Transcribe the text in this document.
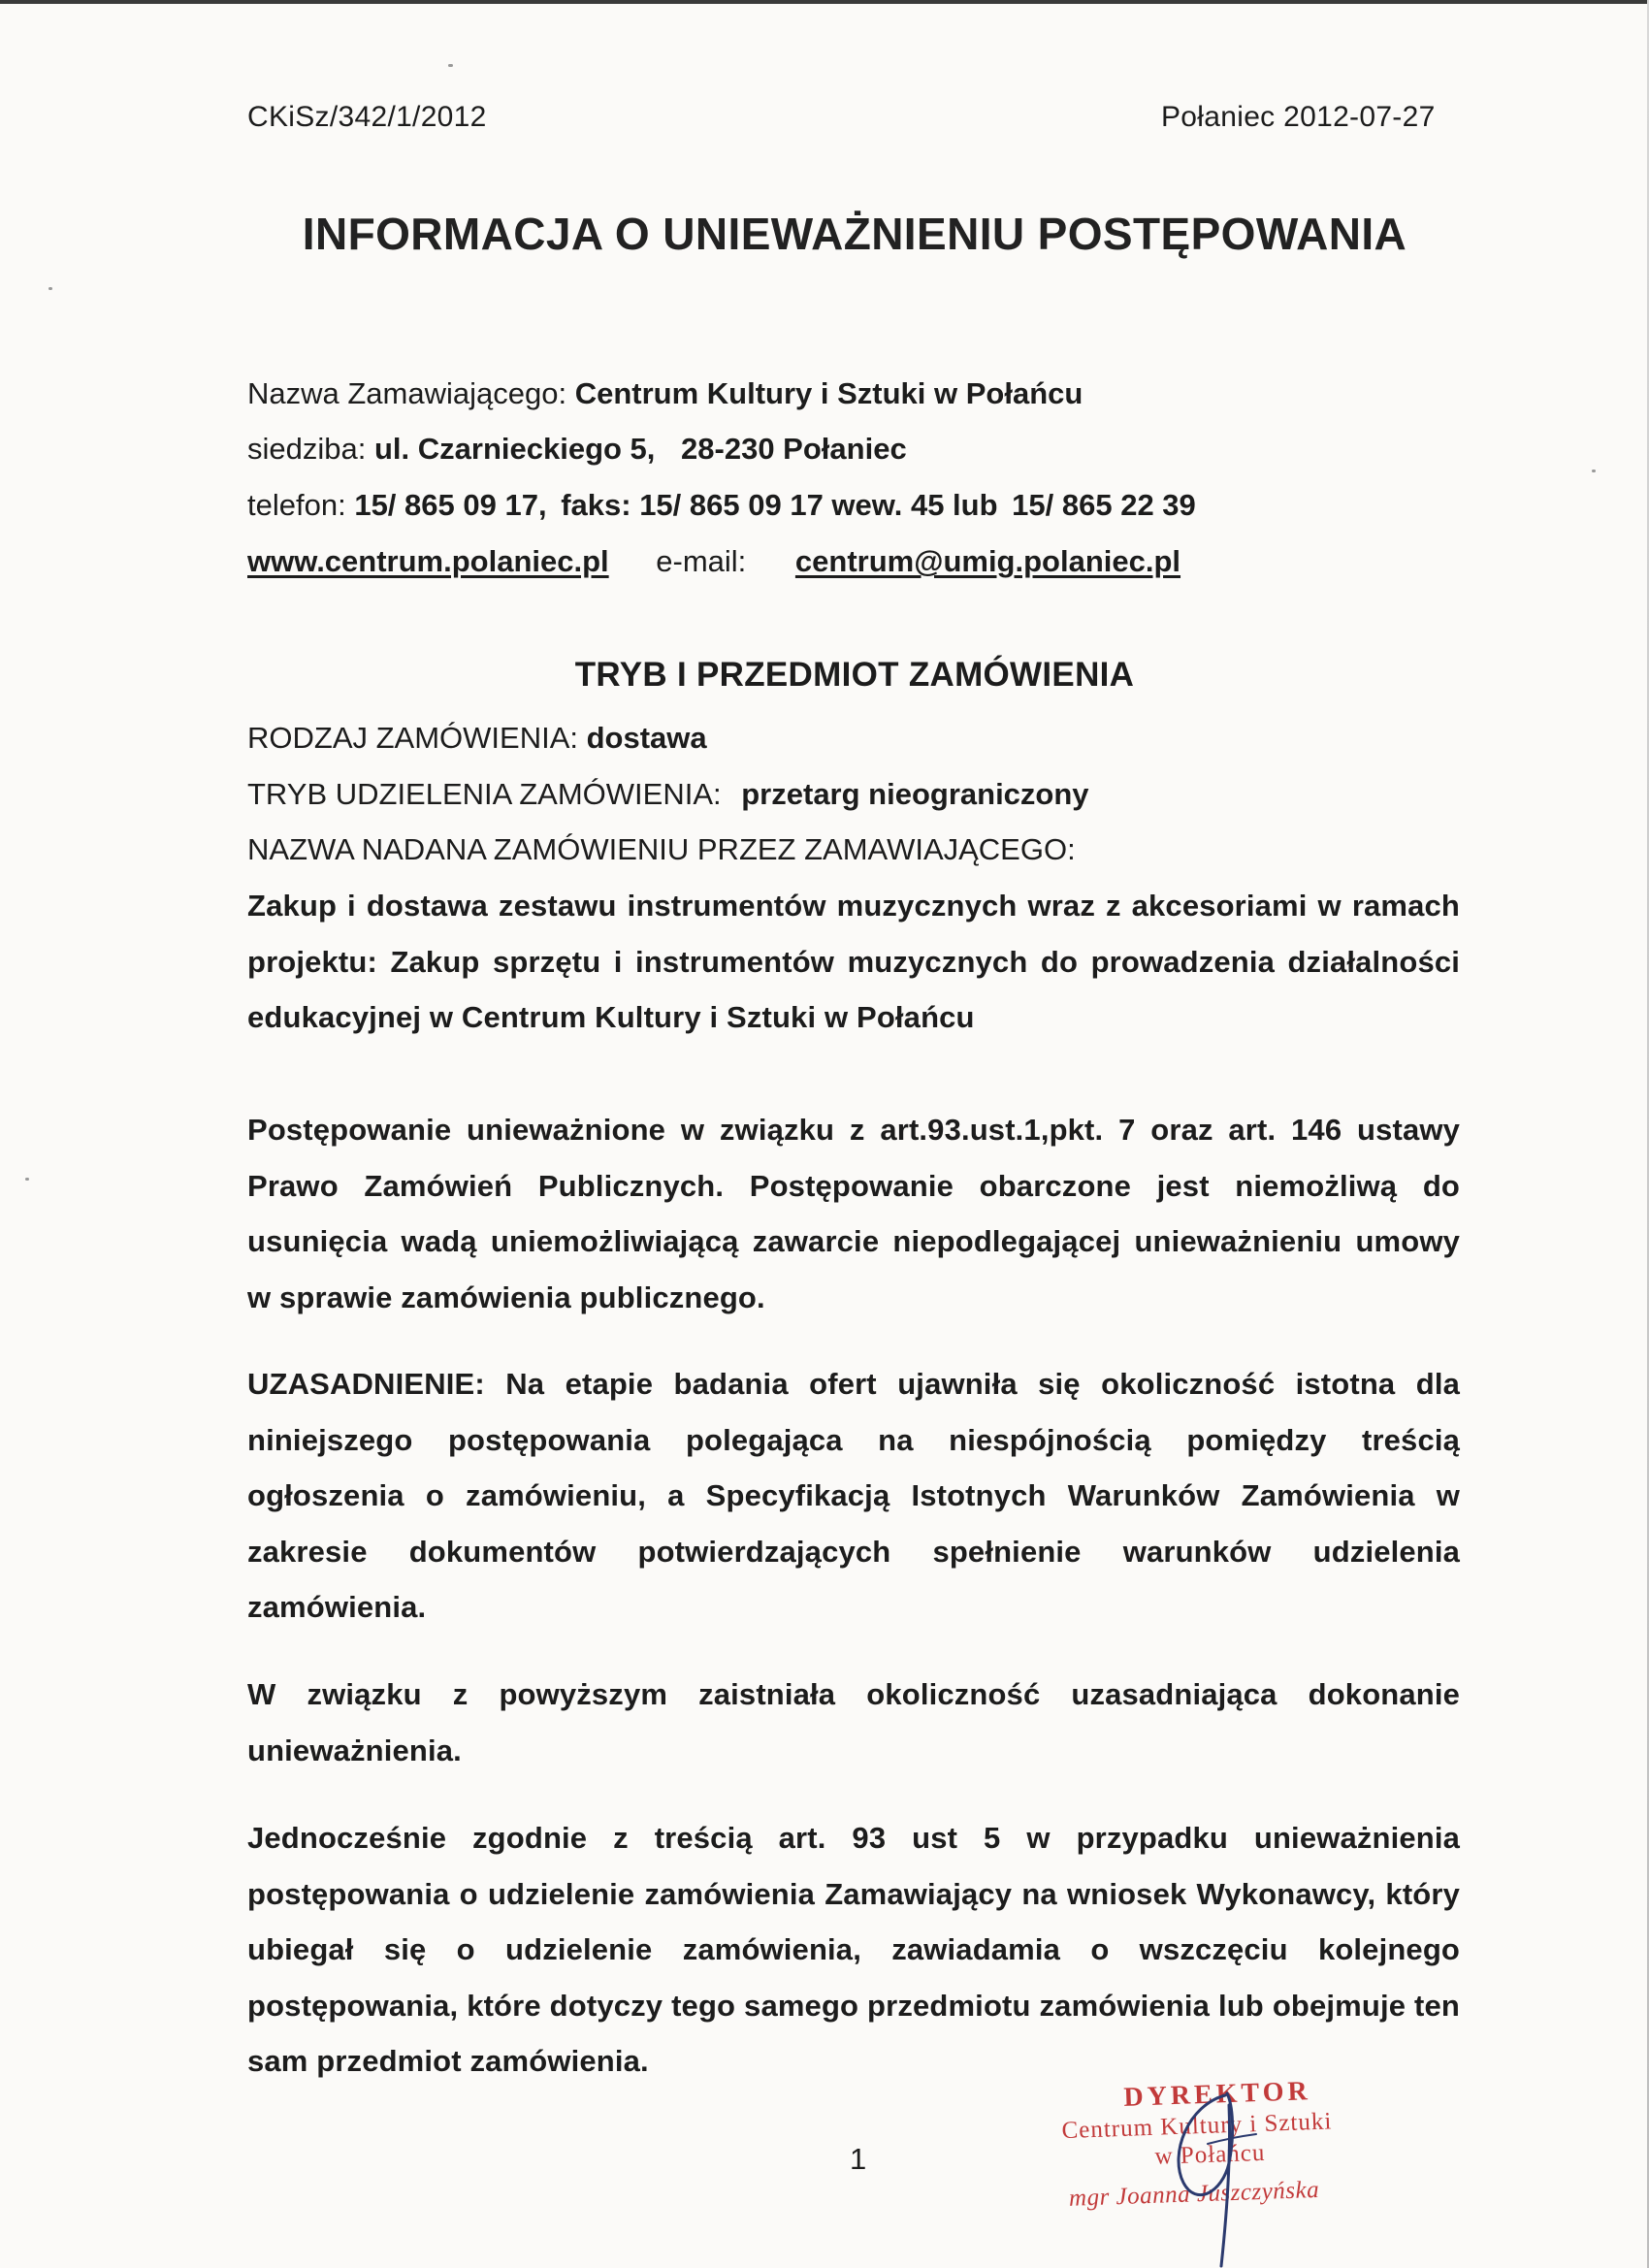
CKiSz/342/1/2012	Połaniec 2012-07-27
INFORMACJA O UNIEWAŻNIENIU POSTĘPOWANIA
Nazwa Zamawiającego: Centrum Kultury i Sztuki w Połańcu
siedziba: ul. Czarnieckiego 5, 28-230 Połaniec
telefon: 15/ 865 09 17, faks: 15/ 865 09 17 wew. 45 lub 15/ 865 22 39
www.centrum.polaniec.pl e-mail: centrum@umig.polaniec.pl
TRYB I PRZEDMIOT ZAMÓWIENIA
RODZAJ ZAMÓWIENIA: dostawa
TRYB UDZIELENIA ZAMÓWIENIA: przetarg nieograniczony
NAZWA NADANA ZAMÓWIENIU PRZEZ ZAMAWIAJĄCEGO:
Zakup i dostawa zestawu instrumentów muzycznych wraz z akcesoriami w ramach projektu: Zakup sprzętu i instrumentów muzycznych do prowadzenia działalności edukacyjnej w Centrum Kultury i Sztuki w Połańcu
Postępowanie unieważnione w związku z art.93.ust.1,pkt. 7 oraz art. 146 ustawy Prawo Zamówień Publicznych. Postępowanie obarczone jest niemożliwą do usunięcia wadą uniemożliwiającą zawarcie niepodlegającej unieważnieniu umowy w sprawie zamówienia publicznego.
UZASADNIENIE: Na etapie badania ofert ujawniła się okoliczność istotna dla niniejszego postępowania polegająca na niespójnością pomiędzy treścią ogłoszenia o zamówieniu, a Specyfikacją Istotnych Warunków Zamówienia w zakresie dokumentów potwierdzających spełnienie warunków udzielenia zamówienia.
W związku z powyższym zaistniała okoliczność uzasadniająca dokonanie unieważnienia.
Jednocześnie zgodnie z treścią art. 93 ust 5 w przypadku unieważnienia postępowania o udzielenie zamówienia Zamawiający na wniosek Wykonawcy, który ubiegał się o udzielenie zamówienia, zawiadamia o wszczęciu kolejnego postępowania, które dotyczy tego samego przedmiotu zamówienia lub obejmuje ten sam przedmiot zamówienia.
1
DYREKTOR
Centrum Kultury i Sztuki
w Połańcu
mgr Joanna Juszczyńska
